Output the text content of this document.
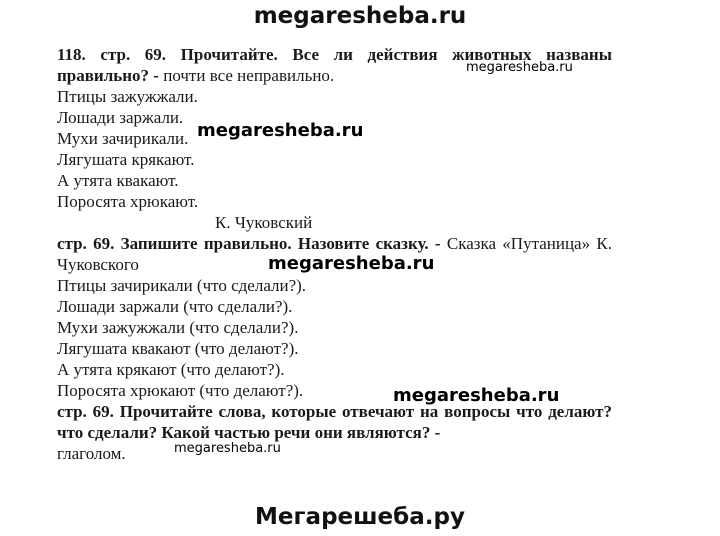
megaresheba.ru

118. стр. 69. Прочитайте. Все ли действия животных названы правильно? - почти все неправильно.

Птицы зажужжали.

Лошади заржали.

Мухи зачирикали.

Лягушата крякают.

А утята квакают.

Поросята хрюкают.

К. Чуковский

стр. 69. Запишите правильно. Назовите сказку. - Сказка «Путаница» К. Чуковского

Птицы зачирикали (что сделали?).

Лошади заржали (что сделали?).

Мухи зажужжали (что сделали?).

Лягушата квакают (что делают?).

А утята крякают (что делают?).

Поросята хрюкают (что делают?).

стр. 69. Прочитайте слова, которые отвечают на вопросы что делают? что сделали? Какой частью речи они являются? -

глаголом.

megaresheba.ru
megaresheba.ru
megaresheba.ru
megaresheba.ru
megaresheba.ru
Мегарешеба.ру
